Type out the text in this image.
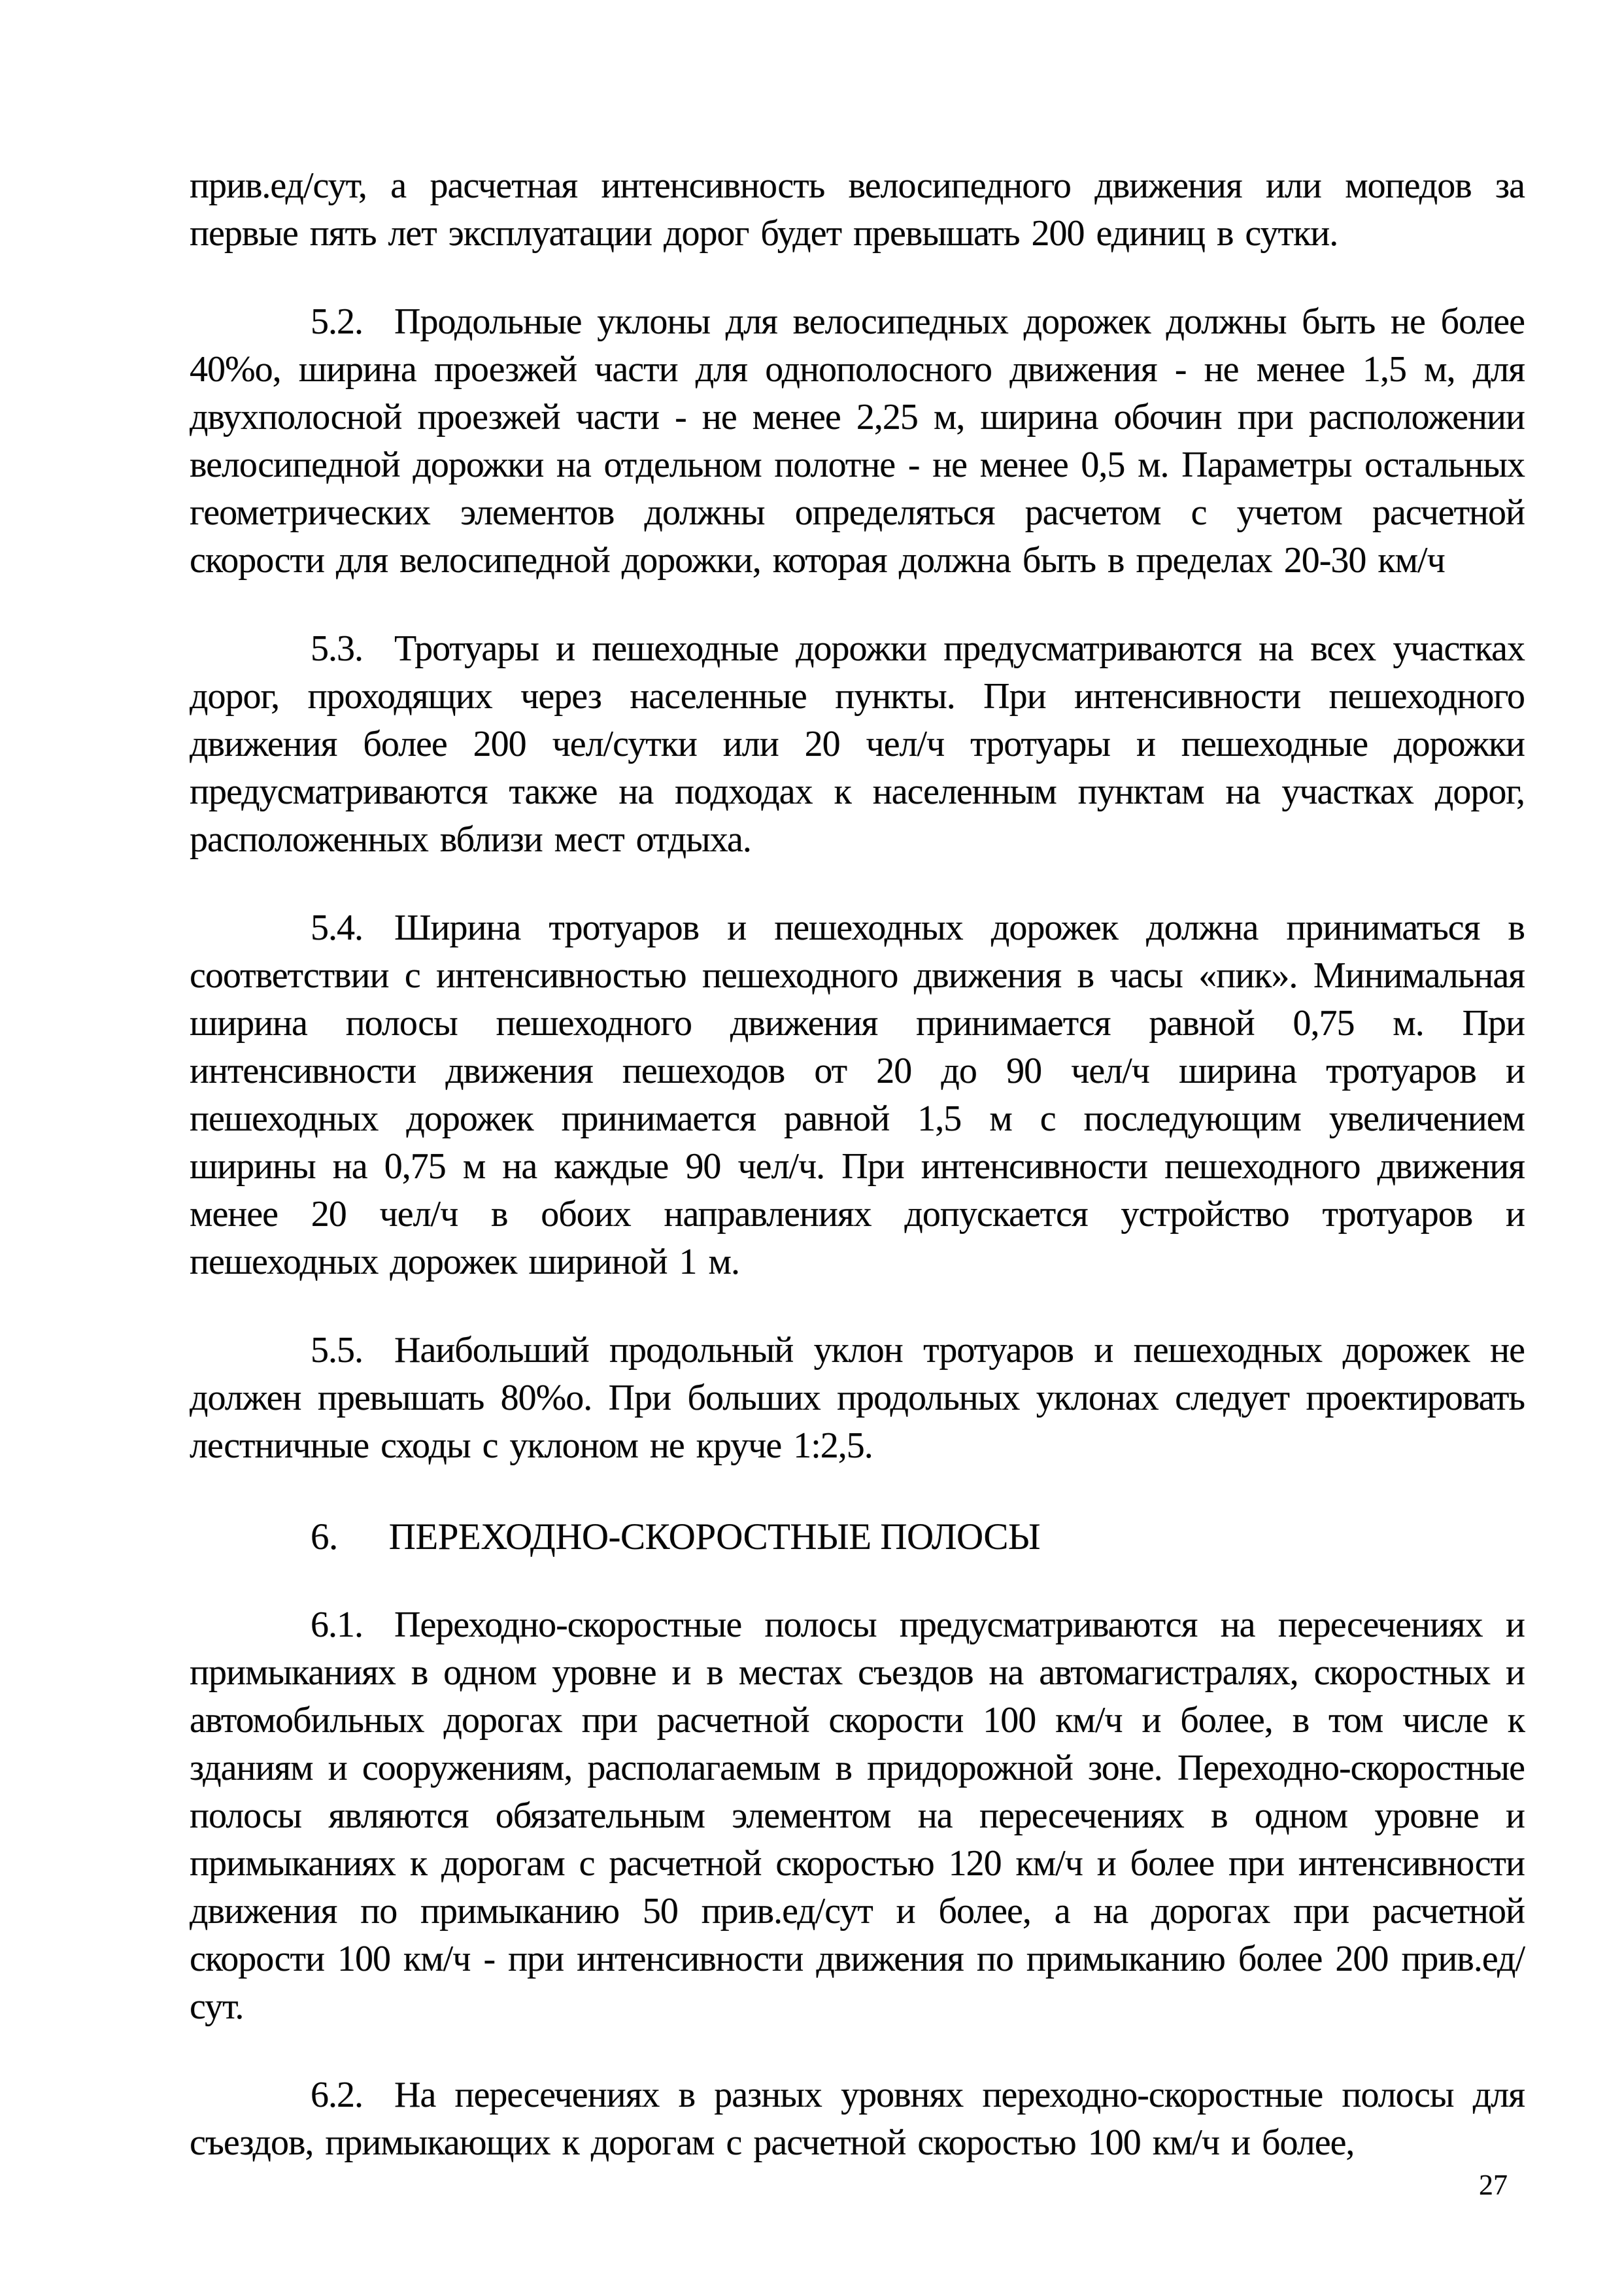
прив.ед/сут, а расчетная интенсивность велосипедного движения или мопедов за первые пять лет эксплуатации дорог будет превышать 200 единиц в сутки.

5.2. Продольные уклоны для велосипедных дорожек должны быть не более 40%о, ширина проезжей части для однополосного движения - не менее 1,5 м, для двухполосной проезжей части - не менее 2,25 м, ширина обочин при расположении велосипедной дорожки на отдельном полотне - не менее 0,5 м. Параметры остальных геометрических элементов должны определяться расчетом с учетом расчетной скорости для велосипедной дорожки, которая должна быть в пределах 20-30 км/ч

5.3. Тротуары и пешеходные дорожки предусматриваются на всех участках дорог, проходящих через населенные пункты. При интенсивности пешеходного движения более 200 чел/сутки или 20 чел/ч тротуары и пешеходные дорожки предусматриваются также на подходах к населенным пунктам на участках дорог, расположенных вблизи мест отдыха.

5.4. Ширина тротуаров и пешеходных дорожек должна приниматься в соответствии с интенсивностью пешеходного движения в часы «пик». Минимальная ширина полосы пешеходного движения принимается равной 0,75 м. При интенсивности движения пешеходов от 20 до 90 чел/ч ширина тротуаров и пешеходных дорожек принимается равной 1,5 м с последующим увеличением ширины на 0,75 м на каждые 90 чел/ч. При интенсивности пешеходного движения менее 20 чел/ч в обоих направлениях допускается устройство тротуаров и пешеходных дорожек шириной 1 м.

5.5. Наибольший продольный уклон тротуаров и пешеходных дорожек не должен превышать 80%о. При больших продольных уклонах следует проектировать лестничные сходы с уклоном не круче 1:2,5.

6. ПЕРЕХОДНО-СКОРОСТНЫЕ ПОЛОСЫ

6.1. Переходно-скоростные полосы предусматриваются на пересечениях и примыканиях в одном уровне и в местах съездов на автомагистралях, скоростных и автомобильных дорогах при расчетной скорости 100 км/ч и более, в том числе к зданиям и сооружениям, располагаемым в придорожной зоне. Переходно-скоростные полосы являются обязательным элементом на пересечениях в одном уровне и примыканиях к дорогам с расчетной скоростью 120 км/ч и более при интенсивности движения по примыканию 50 прив.ед/сут и более, а на дорогах при расчетной скорости 100 км/ч - при интенсивности движения по примыканию более 200 прив.ед/сут.

6.2. На пересечениях в разных уровнях переходно-скоростные полосы для съездов, примыкающих к дорогам с расчетной скоростью 100 км/ч и более,

27
